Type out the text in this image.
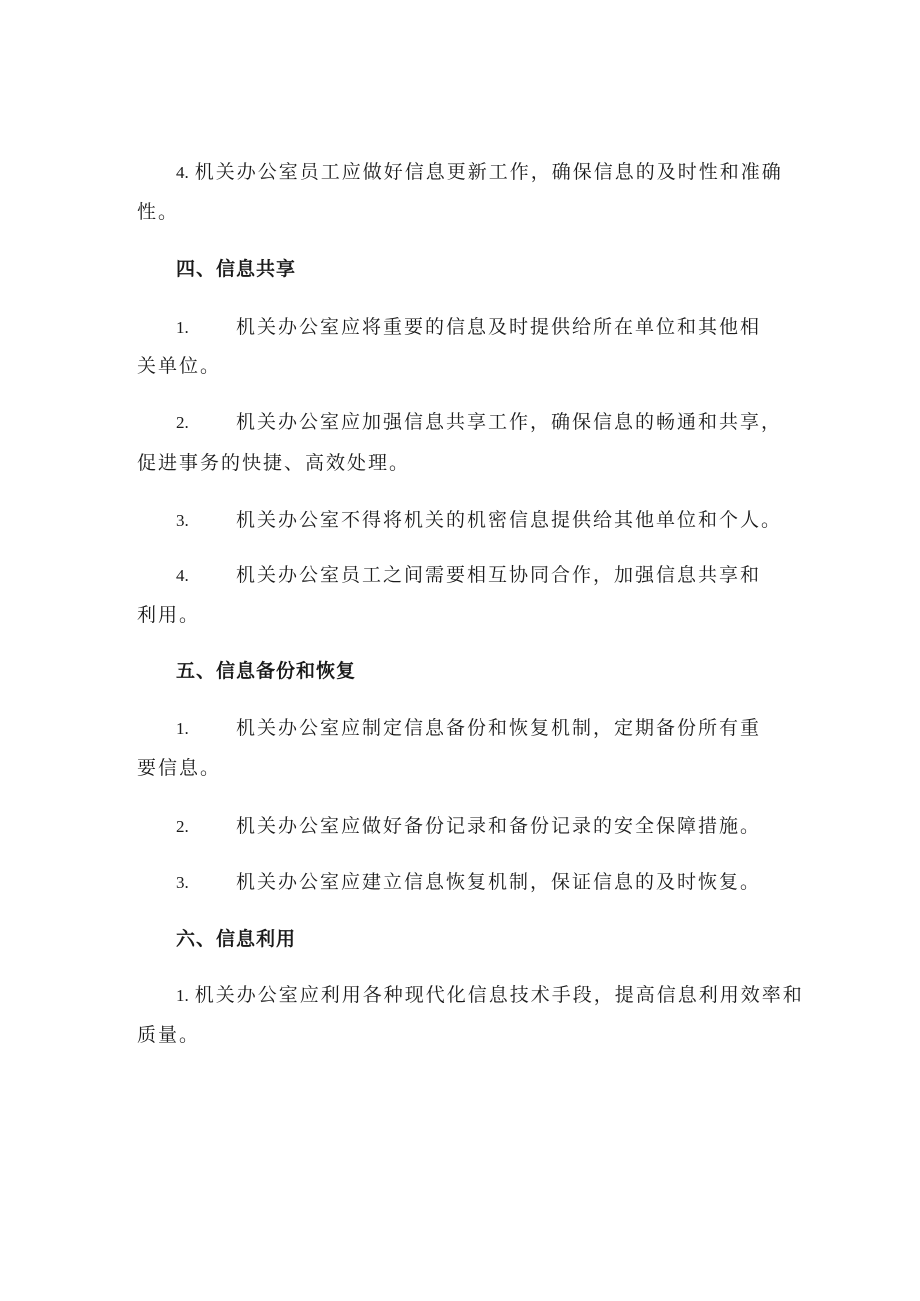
4. 机关办公室员工应做好信息更新工作，确保信息的及时性和准确
性。
四、信息共享
1. 机关办公室应将重要的信息及时提供给所在单位和其他相
关单位。
2. 机关办公室应加强信息共享工作，确保信息的畅通和共享，
促进事务的快捷、高效处理。
3. 机关办公室不得将机关的机密信息提供给其他单位和个人。
4. 机关办公室员工之间需要相互协同合作，加强信息共享和
利用。
五、信息备份和恢复
1. 机关办公室应制定信息备份和恢复机制，定期备份所有重
要信息。
2. 机关办公室应做好备份记录和备份记录的安全保障措施。
3. 机关办公室应建立信息恢复机制，保证信息的及时恢复。
六、信息利用
1. 机关办公室应利用各种现代化信息技术手段，提高信息利用效率和
质量。
